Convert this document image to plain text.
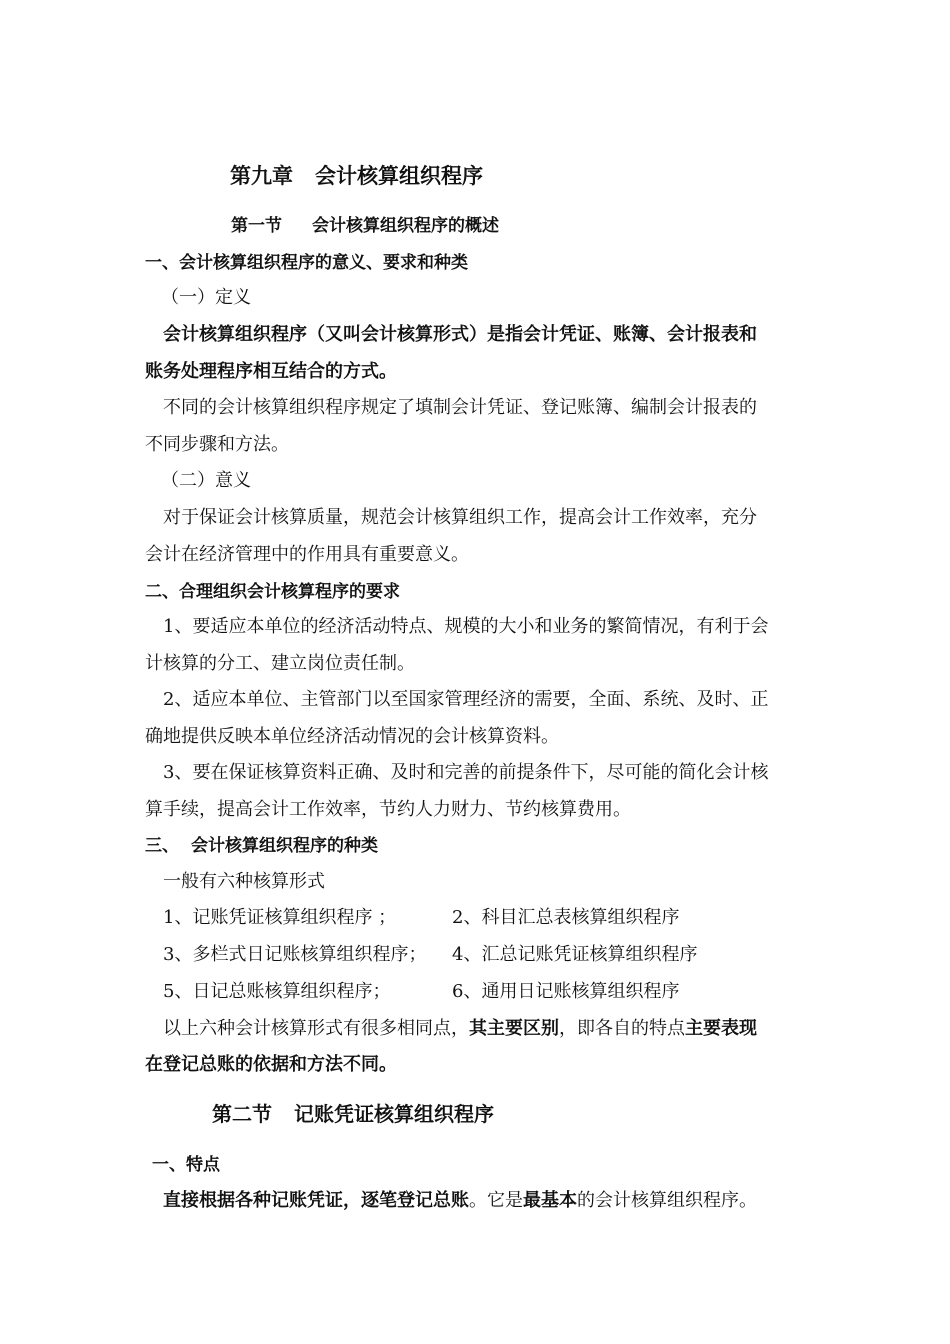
第九章 会计核算组织程序
第一节 会计核算组织程序的概述
一、会计核算组织程序的意义、要求和种类
（一）定义
会计核算组织程序（又叫会计核算形式）是指会计凭证、账簿、会计报表和
账务处理程序相互结合的方式。
不同的会计核算组织程序规定了填制会计凭证、登记账簿、编制会计报表的
不同步骤和方法。
（二）意义
对于保证会计核算质量，规范会计核算组织工作，提高会计工作效率，充分
会计在经济管理中的作用具有重要意义。
二、合理组织会计核算程序的要求
1、要适应本单位的经济活动特点、规模的大小和业务的繁简情况，有利于会
计核算的分工、建立岗位责任制。
2、适应本单位、主管部门以至国家管理经济的需要，全面、系统、及时、正
确地提供反映本单位经济活动情况的会计核算资料。
3、要在保证核算资料正确、及时和完善的前提条件下，尽可能的简化会计核
算手续，提高会计工作效率，节约人力财力、节约核算费用。
三、 会计核算组织程序的种类
一般有六种核算形式
1、记账凭证核算组织程序 ；	2、科目汇总表核算组织程序
3、多栏式日记账核算组织程序； 4、汇总记账凭证核算组织程序
5、日记总账核算组织程序；	6、通用日记账核算组织程序
以上六种会计核算形式有很多相同点，其主要区别，即各自的特点主要表现
在登记总账的依据和方法不同。
第二节 记账凭证核算组织程序
一、特点
直接根据各种记账凭证，逐笔登记总账。它是最基本的会计核算组织程序。
